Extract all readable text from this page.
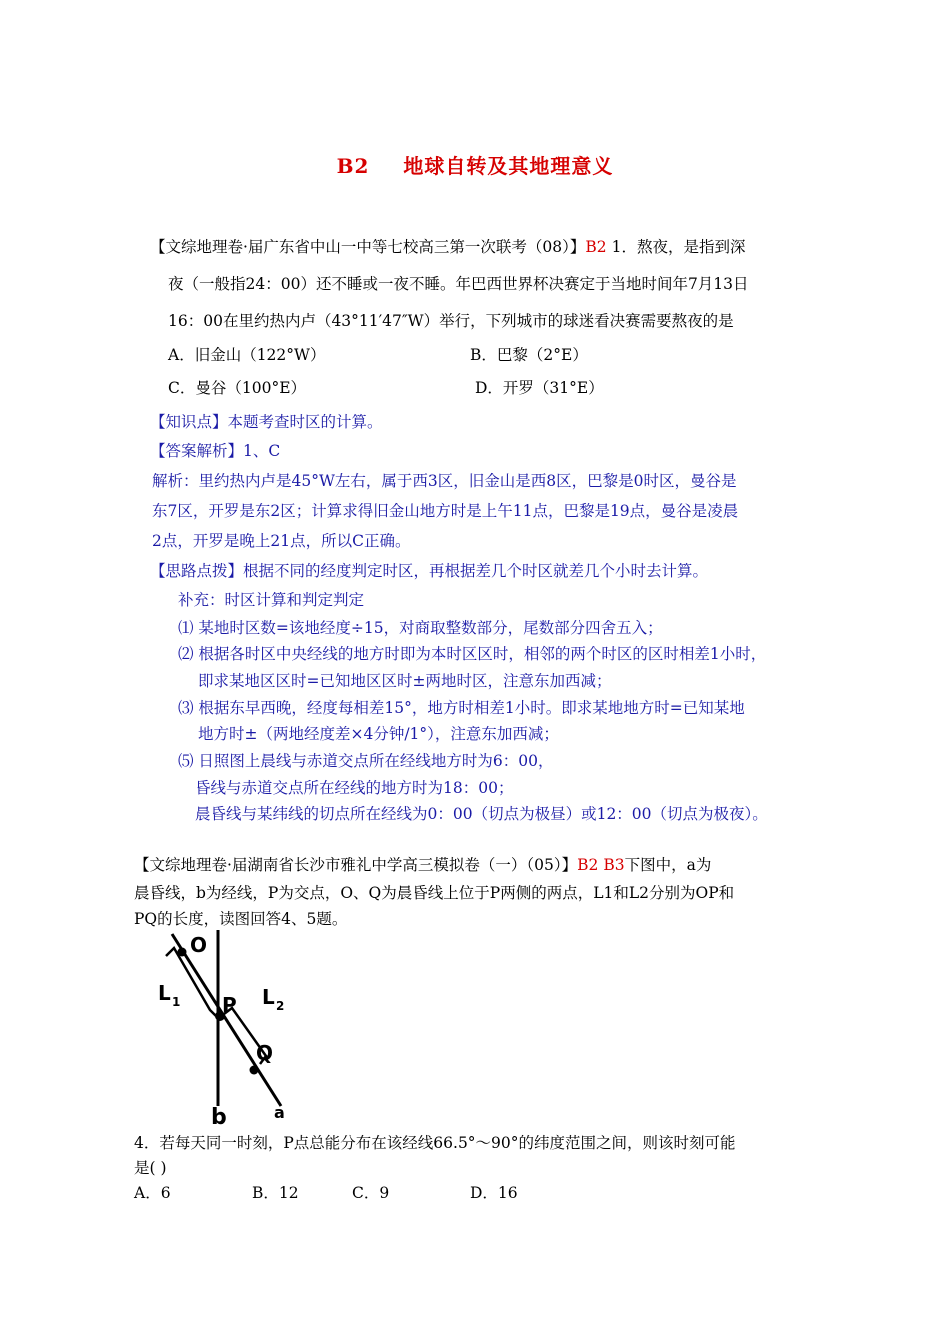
B2 地球自转及其地理意义
【文综地理卷·届广东省中山一中等七校高三第一次联考（08）】B2 1．熬夜，是指到深
夜（一般指24：00）还不睡或一夜不睡。年巴西世界杯决赛定于当地时间年7月13日
16：00在里约热内卢（43°11′47″W）举行，下列城市的球迷看决赛需要熬夜的是
A．旧金山（122°W）	B．巴黎（2°E）
C．曼谷（100°E）	D．开罗（31°E）
【知识点】本题考查时区的计算。
【答案解析】1、C
解析：里约热内卢是45°W左右，属于西3区，旧金山是西8区，巴黎是0时区，曼谷是
东7区，开罗是东2区；计算求得旧金山地方时是上午11点，巴黎是19点，曼谷是凌晨
2点，开罗是晚上21点，所以C正确。
【思路点拨】根据不同的经度判定时区，再根据差几个时区就差几个小时去计算。
补充：时区计算和判定判定
⑴ 某地时区数=该地经度÷15，对商取整数部分，尾数部分四舍五入；
⑵ 根据各时区中央经线的地方时即为本时区区时，相邻的两个时区的区时相差1小时，
即求某地区区时=已知地区区时±两地时区，注意东加西减；
⑶ 根据东早西晚，经度每相差15°，地方时相差1小时。即求某地地方时=已知某地
地方时±（两地经度差×4分钟/1°），注意东加西减；
⑸ 日照图上晨线与赤道交点所在经线地方时为6：00，
昏线与赤道交点所在经线的地方时为18：00；
晨昏线与某纬线的切点所在经线为0：00（切点为极昼）或12：00（切点为极夜）。
【文综地理卷·届湖南省长沙市雅礼中学高三模拟卷（一）（05）】B2 B3下图中，a为
晨昏线，b为经线，P为交点，O、Q为晨昏线上位于P两侧的两点，L1和L2分别为OP和
PQ的长度，读图回答4、5题。
O
L 1 P L 2
Q
b	a
4．若每天同一时刻，P点总能分布在该经线66.5°～90°的纬度范围之间，则该时刻可能
是( )
A．6	B．12	C．9	D．16
